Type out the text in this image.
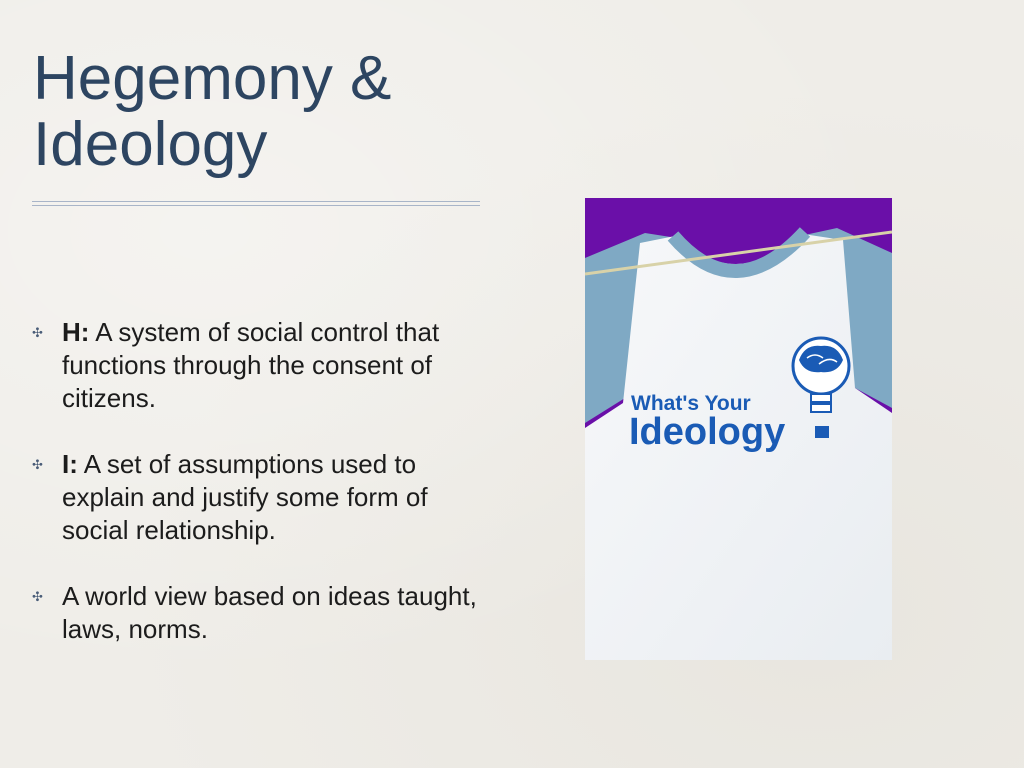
Hegemony &
Ideology
✣ H: A system of social control that functions through the consent of citizens.
✣ I: A set of assumptions used to explain and justify some form of social relationship.
✣ A world view based on ideas taught, laws, norms.
What's Your
Ideology
